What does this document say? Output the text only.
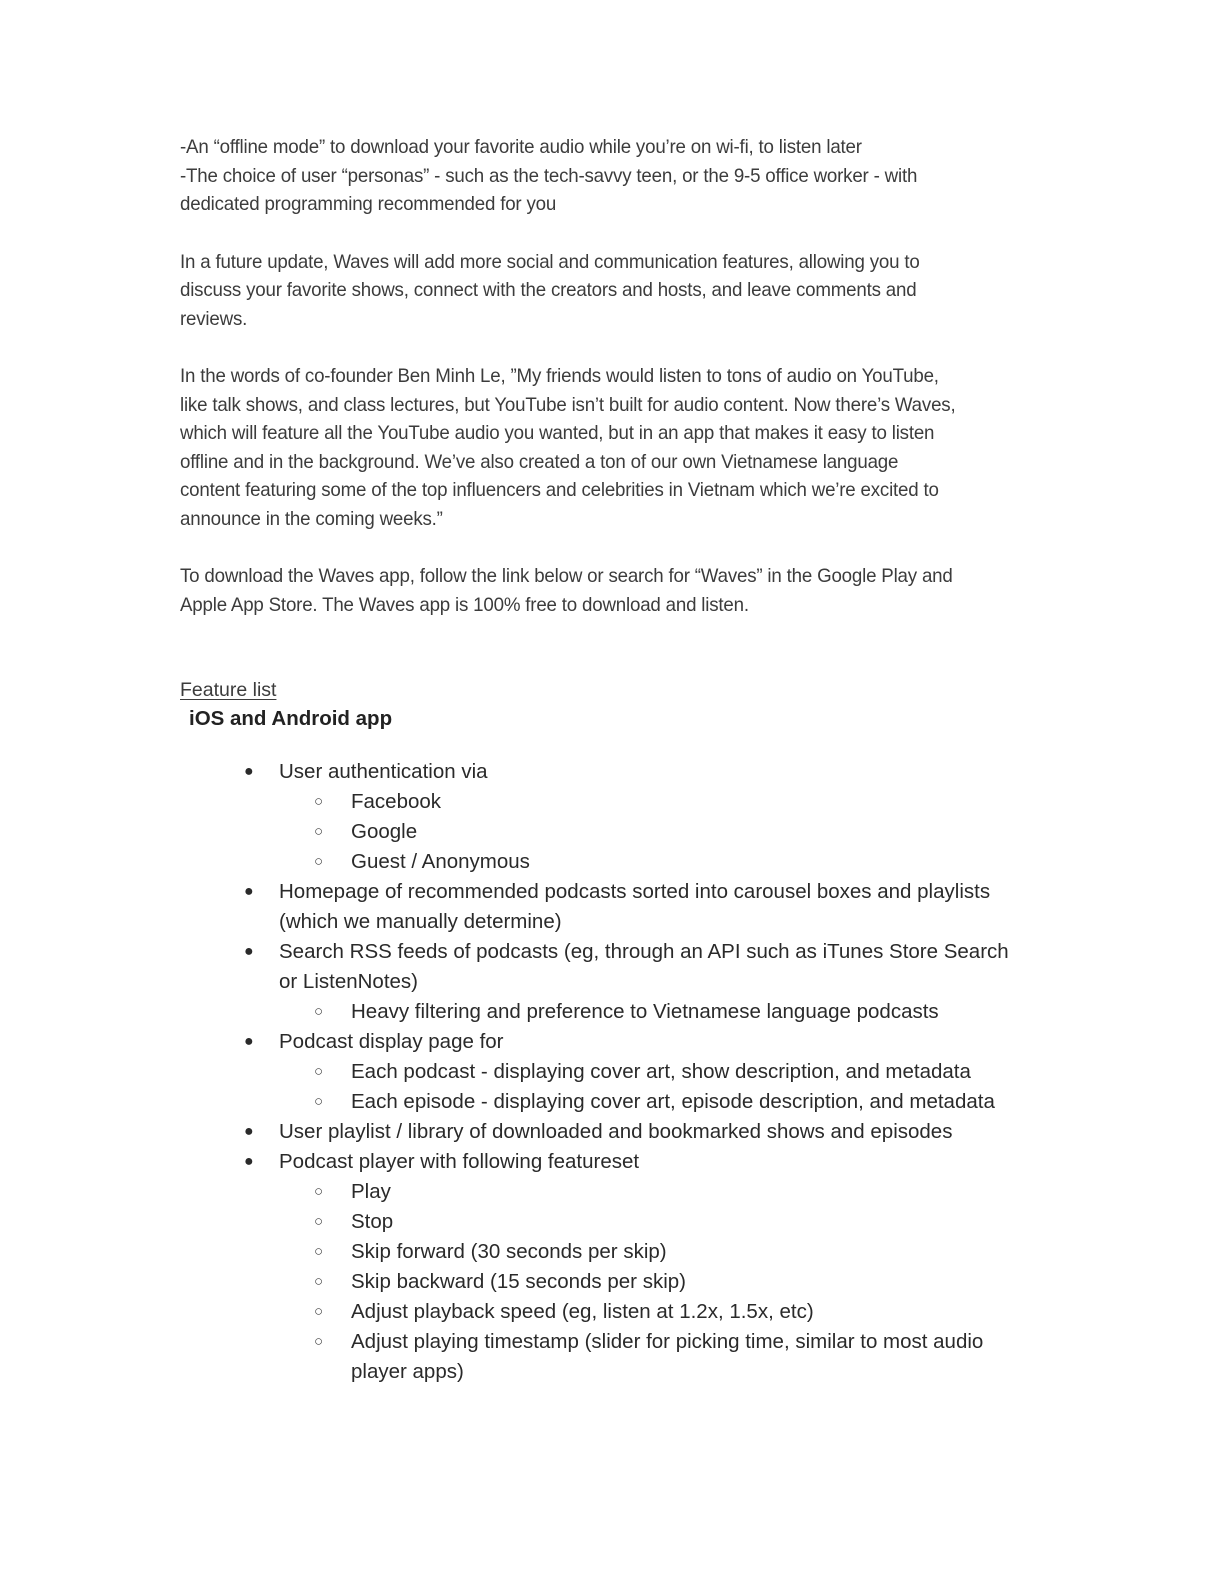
-An “offline mode” to download your favorite audio while you’re on wi-fi, to listen later

-The choice of user “personas” - such as the tech-savvy teen, or the 9-5 office worker - with

dedicated programming recommended for you

In a future update, Waves will add more social and communication features, allowing you to

discuss your favorite shows, connect with the creators and hosts, and leave comments and

reviews.

In the words of co-founder Ben Minh Le, ”My friends would listen to tons of audio on YouTube,

like talk shows, and class lectures, but YouTube isn’t built for audio content. Now there’s Waves,

which will feature all the YouTube audio you wanted, but in an app that makes it easy to listen

offline and in the background. We’ve also created a ton of our own Vietnamese language

content featuring some of the top influencers and celebrities in Vietnam which we’re excited to

announce in the coming weeks.”

To download the Waves app, follow the link below or search for “Waves” in the Google Play and

Apple App Store. The Waves app is 100% free to download and listen.

Feature list

iOS and Android app

● User authentication via
○ Facebook
○ Google
○ Guest / Anonymous
● Homepage of recommended podcasts sorted into carousel boxes and playlists
(which we manually determine)
● Search RSS feeds of podcasts (eg, through an API such as iTunes Store Search
or ListenNotes)
○ Heavy filtering and preference to Vietnamese language podcasts
● Podcast display page for
○ Each podcast - displaying cover art, show description, and metadata
○ Each episode - displaying cover art, episode description, and metadata
● User playlist / library of downloaded and bookmarked shows and episodes
● Podcast player with following featureset
○ Play
○ Stop
○ Skip forward (30 seconds per skip)
○ Skip backward (15 seconds per skip)
○ Adjust playback speed (eg, listen at 1.2x, 1.5x, etc)
○ Adjust playing timestamp (slider for picking time, similar to most audio
player apps)
